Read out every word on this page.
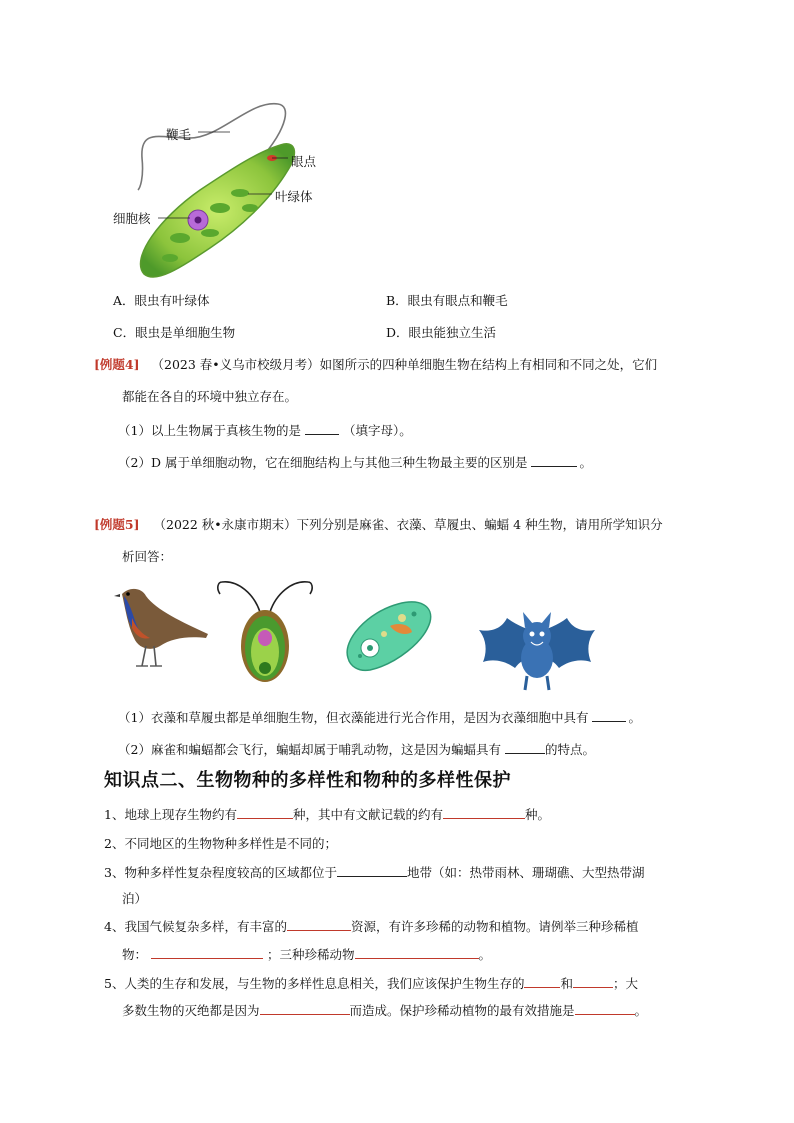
鞭毛
眼点
叶绿体
细胞核
A．眼虫有叶绿体	B．眼虫有眼点和鞭毛
C．眼虫是单细胞生物	D．眼虫能独立生活
[例题4] （2023 春•义乌市校级月考）如图所示的四种单细胞生物在结构上有相同和不同之处，它们
都能在各自的环境中独立存在。
（1）以上生物属于真核生物的是	（填字母）。
（2）D 属于单细胞动物，它在细胞结构上与其他三种生物最主要的区别是	。
[例题5] （2022 秋•永康市期末）下列分别是麻雀、衣藻、草履虫、蝙蝠 4 种生物，请用所学知识分
析回答：
（1）衣藻和草履虫都是单细胞生物，但衣藻能进行光合作用，是因为衣藻细胞中具有	。
（2）麻雀和蝙蝠都会飞行，蝙蝠却属于哺乳动物，这是因为蝙蝠具有	的特点。
知识点二、生物物种的多样性和物种的多样性保护
1、地球上现存生物约有	种，其中有文献记载的约有	种。
2、不同地区的生物物种多样性是不同的；
3、物种多样性复杂程度较高的区域都位于	地带（如：热带雨林、珊瑚礁、大型热带湖
泊）
4、我国气候复杂多样，有丰富的	资源，有许多珍稀的动物和植物。请例举三种珍稀植
物：	；三种珍稀动物	。
5、人类的生存和发展，与生物的多样性息息相关，我们应该保护生物生存的	和	；大
多数生物的灭绝都是因为	而造成。保护珍稀动植物的最有效措施是	。
